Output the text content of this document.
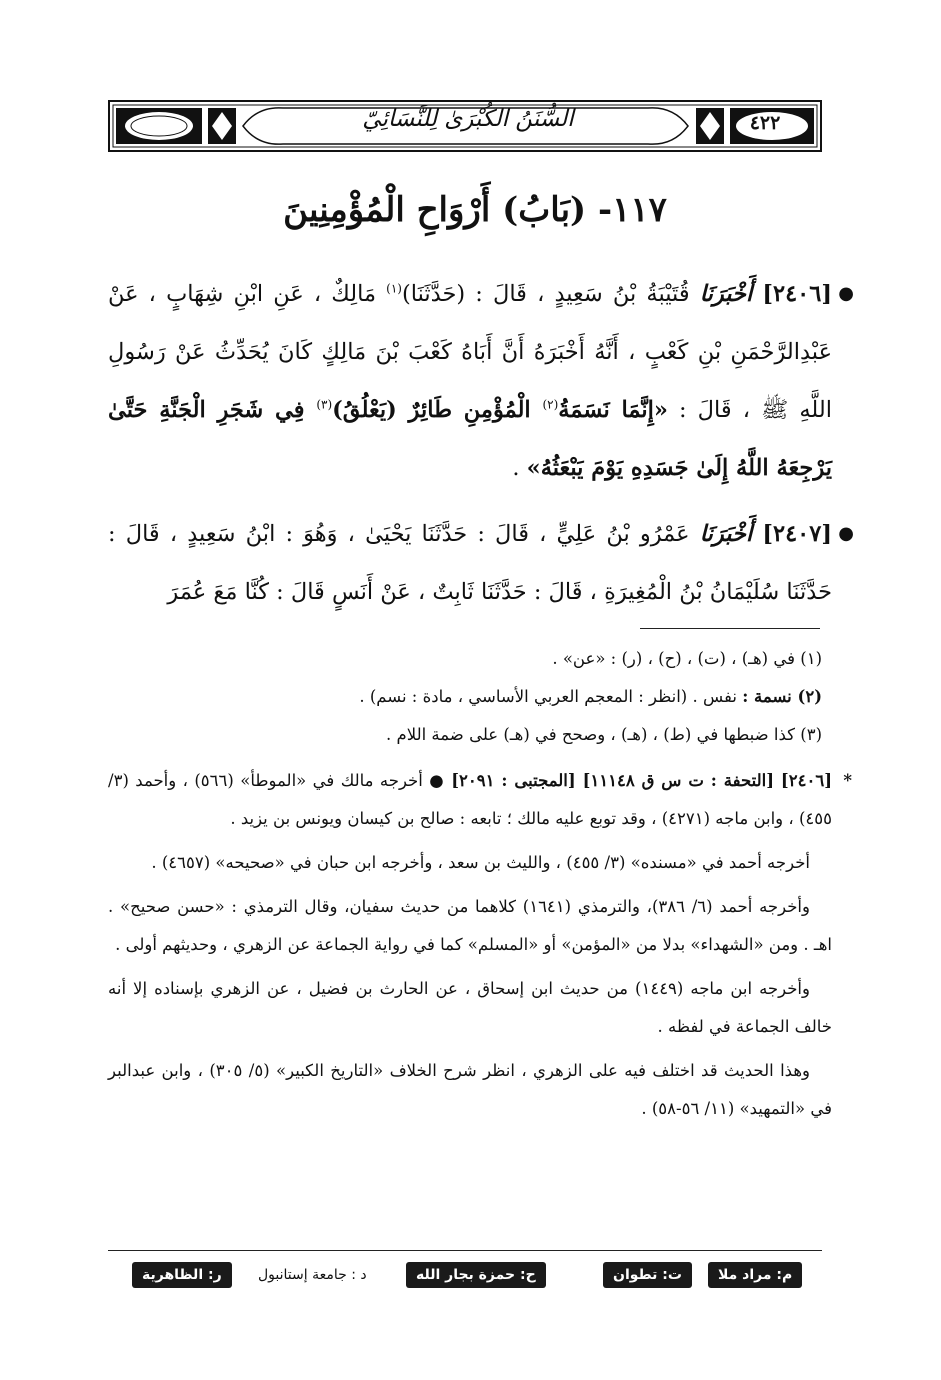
٤٢٢
السُّنَنُ الكُبْرَىٰ لِلنَّسَائِيّ
١١٧- (بَابُ) أَرْوَاحِ الْمُؤْمِنِينَ

●
[٢٤٠٦] أَخْبَرَنَا قُتَيْبَةُ بْنُ سَعِيدٍ ، قَالَ : (حَدَّثَنَا)$^{(١)}$ مَالِكٌ ، عَنِ ابْنِ شِهَابٍ ، عَنْ عَبْدِالرَّحْمَنِ بْنِ كَعْبٍ ، أَنَّهُ أَخْبَرَهُ أَنَّ أَبَاهُ كَعْبَ بْنَ مَالِكٍ كَانَ يُحَدِّثُ عَنْ رَسُولِ اللَّهِ ﷺ ، قَالَ : «إِنَّمَا نَسَمَةُ$^{(٢)}$ الْمُؤْمِنِ طَائِرٌ (يَعْلُقُ)$^{(٣)}$ فِي شَجَرِ الْجَنَّةِ حَتَّىٰ يَرْجِعَهُ اللَّهُ إِلَىٰ جَسَدِهِ يَوْمَ يَبْعَثُهُ» .

●
[٢٤٠٧] أَخْبَرَنَا عَمْرُو بْنُ عَلِيٍّ ، قَالَ : حَدَّثَنَا يَحْيَىٰ ، وَهُوَ : ابْنُ سَعِيدٍ ، قَالَ : حَدَّثَنَا سُلَيْمَانُ بْنُ الْمُغِيرَةِ ، قَالَ : حَدَّثَنَا ثَابِتٌ ، عَنْ أَنَسٍ قَالَ : كُنَّا مَعَ عُمَرَ

(١) في (هـ) ، (ت) ، (ح) ، (ر) : «عن» .

(٢) نسمة : نفس . (انظر : المعجم العربي الأساسي ، مادة : نسم) .

(٣) كذا ضبطها في (ط) ، (هـ) ، وصحح في (هـ) على ضمة اللام .

*
[٢٤٠٦] [التحفة : ت س ق ١١١٤٨] [المجتبى : ٢٠٩١] ● أخرجه مالك في «الموطأ» (٥٦٦) ، وأحمد (٣/ ٤٥٥) ، وابن ماجه (٤٢٧١) ، وقد توبع عليه مالك ؛ تابعه : صالح بن كيسان ويونس بن يزيد .

أخرجه أحمد في «مسنده» (٣/ ٤٥٥) ، والليث بن سعد ، وأخرجه ابن حبان في «صحيحه» (٤٦٥٧) .

وأخرجه أحمد (٦/ ٣٨٦)، والترمذي (١٦٤١) كلاهما من حديث سفيان، وقال الترمذي : «حسن صحيح» . اهـ . ومن «الشهداء» بدلا من «المؤمن» أو «المسلم» كما في رواية الجماعة عن الزهري ، وحديثهم أولى .

وأخرجه ابن ماجه (١٤٤٩) من حديث ابن إسحاق ، عن الحارث بن فضيل ، عن الزهري بإسناده إلا أنه خالف الجماعة في لفظه .

وهذا الحديث قد اختلف فيه على الزهري ، انظر شرح الخلاف «التاريخ الكبير» (٥/ ٣٠٥) ، وابن عبدالبر في «التمهيد» (١١/ ٥٦-٥٨) .

م: مراد ملا
ت: تطوان
ح: حمزة بجار الله
د : جامعة إستانبول
ر: الظاهرية
